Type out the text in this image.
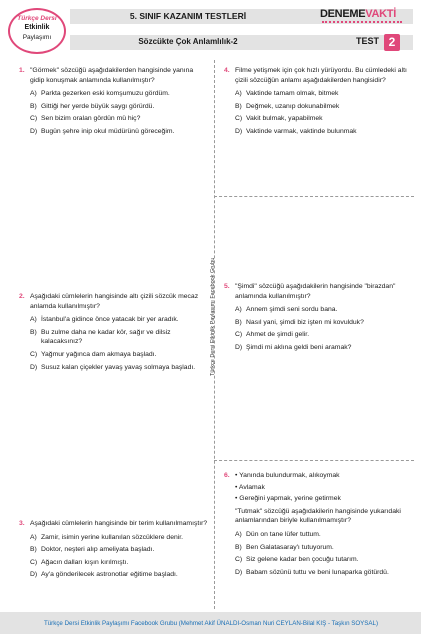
Türkçe Dersi
Etkinlik
Paylaşımı
5. SINIF KAZANIM TESTLERİ
Sözcükte Çok Anlamlılık-2
DENEMEVAKTİ
TEST 2
Türkçe Dersi Etkinlik Paylaşımı Facebook Grubu
1. "Görmek" sözcüğü aşağıdakilerden hangisinde yanına gidip konuşmak anlamında kullanılmıştır?
A) Parkta gezerken eski komşumuzu gördüm.
B) Gittiği her yerde büyük saygı görürdü.
C) Sen bizim oralan gördün mü hiç?
D) Bugün şehre inip okul müdürünü göreceğim.
2. Aşağıdaki cümlelerin hangisinde altı çizili sözcük mecaz anlamda kullanılmıştır?
A) İstanbul'a gidince önce yatacak bir yer aradık.
B) Bu zulme daha ne kadar kör, sağır ve dilsiz kalacaksınız?
C) Yağmur yağınca dam akmaya başladı.
D) Susuz kalan çiçekler yavaş yavaş solmaya başladı.
3. Aşağıdaki cümlelerin hangisinde bir terim kullanılmamıştır?
A) Zamir, isimin yerine kullanılan sözcüklere denir.
B) Doktor, neşteri alıp ameliyata başladı.
C) Ağacın dalları kışın kırılmıştı.
D) Ay'a gönderilecek astronotlar eğitime başladı.
4. Filme yetişmek için çok hızlı yürüyordu. Bu cümledeki altı çizili sözcüğün anlamı aşağıdakilerden hangisidir?
A) Vaktinde tamam olmak, bitmek
B) Değmek, uzanıp dokunabilmek
C) Vakit bulmak, yapabilmek
D) Vaktinde varmak, vaktinde bulunmak
5. "Şimdi" sözcüğü aşağıdakilerin hangisinde "birazdan" anlamında kullanılmıştır?
A) Annem şimdi seni sordu bana.
B) Nasıl yani, şimdi biz işten mi kovulduk?
C) Ahmet de şimdi gelir.
D) Şimdi mi aklına geldi beni aramak?
6. • Yanında bulundurmak, alıkoymak
• Avlamak
• Gereğini yapmak, yerine getirmek
"Tutmak" sözcüğü aşağıdakilerin hangisinde yukarıdaki anlamlarından biriyle kullanılmamıştır?
A) Dün on tane lüfer tuttum.
B) Ben Galatasaray'ı tutuyorum.
C) Siz gelene kadar ben çocuğu tutarım.
D) Babam sözünü tuttu ve beni lunaparka götürdü.
Türkçe Dersi Etkinlik Paylaşımı Facebook Grubu (Mehmet Akif ÜNALDI-Osman Nuri CEYLAN-Bilal KIŞ - Taşkın SOYSAL)
